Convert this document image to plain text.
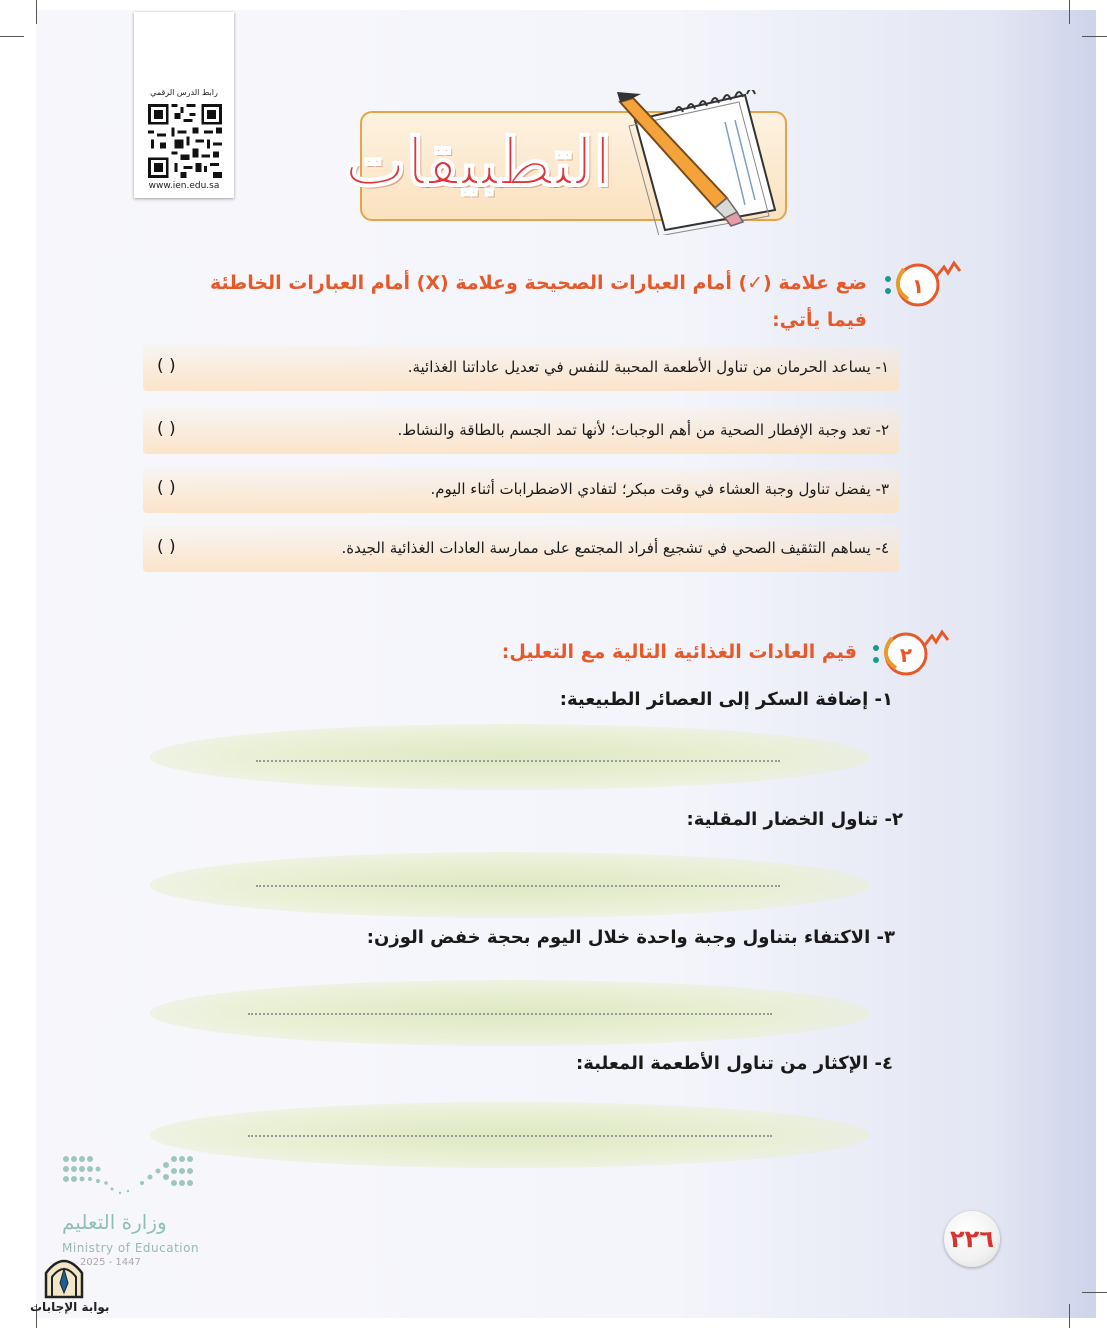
رابط الدرس الرقمي
www.ien.edu.sa التطبيقات
١
ضع علامة (✓) أمام العبارات الصحيحة وعلامة (X) أمام العبارات الخاطئة
فيما يأتي:
١- يساعد الحرمان من تناول الأطعمة المحببة للنفس في تعديل عاداتنا الغذائية.
( )
٢- تعد وجبة الإفطار الصحية من أهم الوجبات؛ لأنها تمد الجسم بالطاقة والنشاط.
( )
٣- يفضل تناول وجبة العشاء في وقت مبكر؛ لتفادي الاضطرابات أثناء اليوم.
( )
٤- يساهم التثقيف الصحي في تشجيع أفراد المجتمع على ممارسة العادات الغذائية الجيدة.
( )
٢
قيم العادات الغذائية التالية مع التعليل:
١- إضافة السكر إلى العصائر الطبيعية:
٢- تناول الخضار المقلية:
٣- الاكتفاء بتناول وجبة واحدة خلال اليوم بحجة خفض الوزن:
٤- الإكثار من تناول الأطعمة المعلبة:
وزارة التعليم
Ministry of Education
2025 - 1447
بوابة الإجابات
٢٢٦
